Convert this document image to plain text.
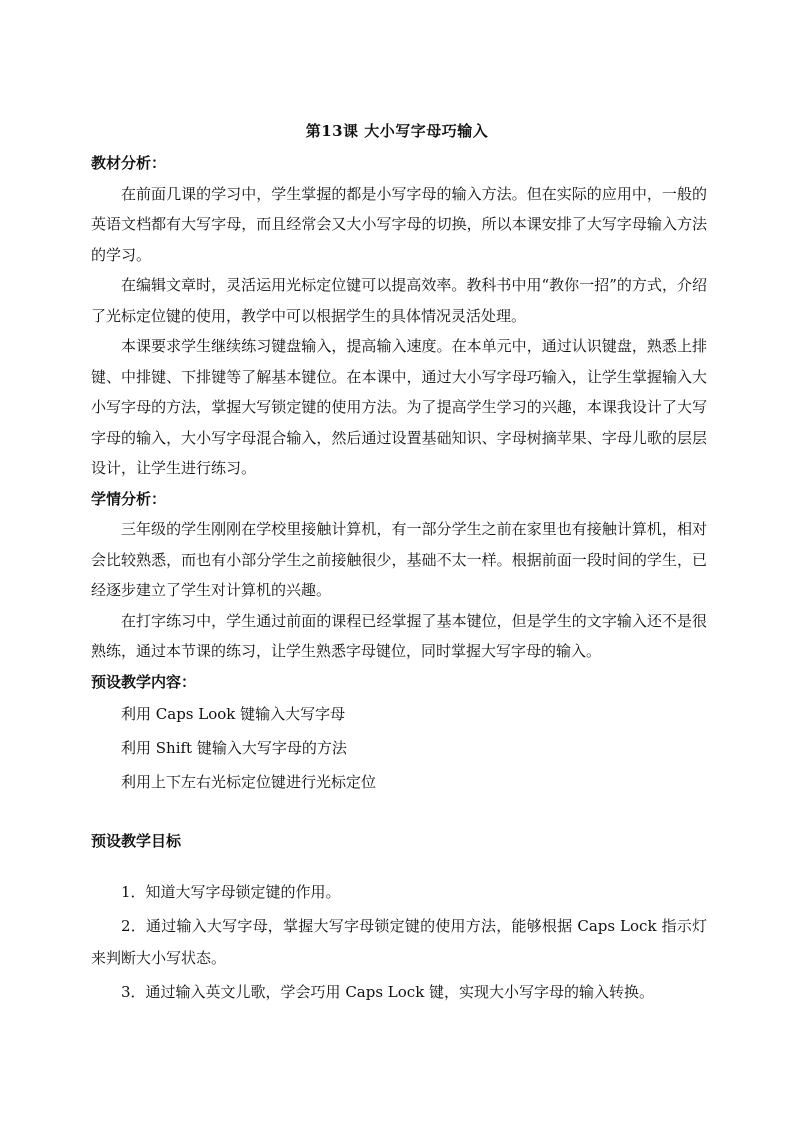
第13课 大小写字母巧输入

教材分析：

在前面几课的学习中，学生掌握的都是小写字母的输入方法。但在实际的应用中，一般的英语文档都有大写字母，而且经常会又大小写字母的切换，所以本课安排了大写字母输入方法的学习。

在编辑文章时，灵活运用光标定位键可以提高效率。教科书中用“教你一招”的方式，介绍了光标定位键的使用，教学中可以根据学生的具体情况灵活处理。

本课要求学生继续练习键盘输入，提高输入速度。在本单元中，通过认识键盘，熟悉上排键、中排键、下排键等了解基本键位。在本课中，通过大小写字母巧输入，让学生掌握输入大小写字母的方法，掌握大写锁定键的使用方法。为了提高学生学习的兴趣，本课我设计了大写字母的输入，大小写字母混合输入，然后通过设置基础知识、字母树摘苹果、字母儿歌的层层设计，让学生进行练习。

学情分析：

三年级的学生刚刚在学校里接触计算机，有一部分学生之前在家里也有接触计算机，相对会比较熟悉，而也有小部分学生之前接触很少，基础不太一样。根据前面一段时间的学生，已经逐步建立了学生对计算机的兴趣。

在打字练习中，学生通过前面的课程已经掌握了基本键位，但是学生的文字输入还不是很熟练，通过本节课的练习，让学生熟悉字母键位，同时掌握大写字母的输入。

预设教学内容：

利用 Caps Look 键输入大写字母

利用 Shift 键输入大写字母的方法

利用上下左右光标定位键进行光标定位

预设教学目标

1．知道大写字母锁定键的作用。

2．通过输入大写字母，掌握大写字母锁定键的使用方法，能够根据 Caps Lock 指示灯来判断大小写状态。

3．通过输入英文儿歌，学会巧用 Caps Lock 键，实现大小写字母的输入转换。
